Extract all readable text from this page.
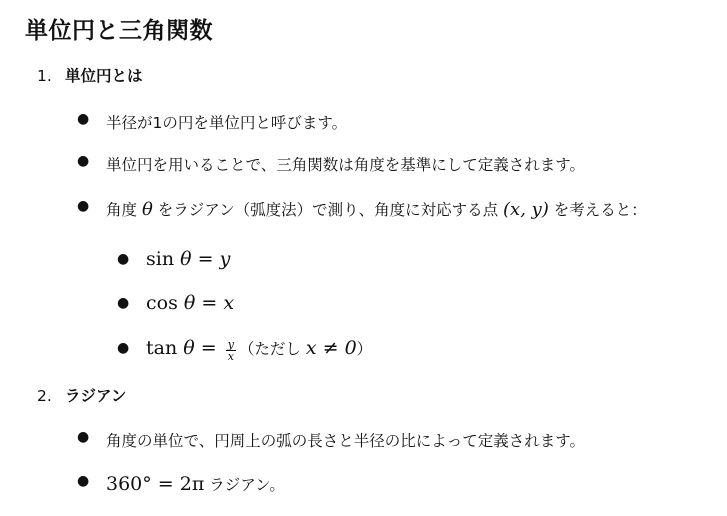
単位円と三角関数
1. 単位円とは
● 半径が1の円を単位円と呼びます。
● 単位円を用いることで、三角関数は角度を基準にして定義されます。
● 角度 θ をラジアン（弧度法）で測り、角度に対応する点 (x, y) を考えると：
● sin θ = y
● cos θ = x
● $\tan \theta = \frac{y}{x}$ （ただし x ≠ 0）
2. ラジアン
● 角度の単位で、円周上の弧の長さと半径の比によって定義されます。
● 360° = 2π ラジアン。
